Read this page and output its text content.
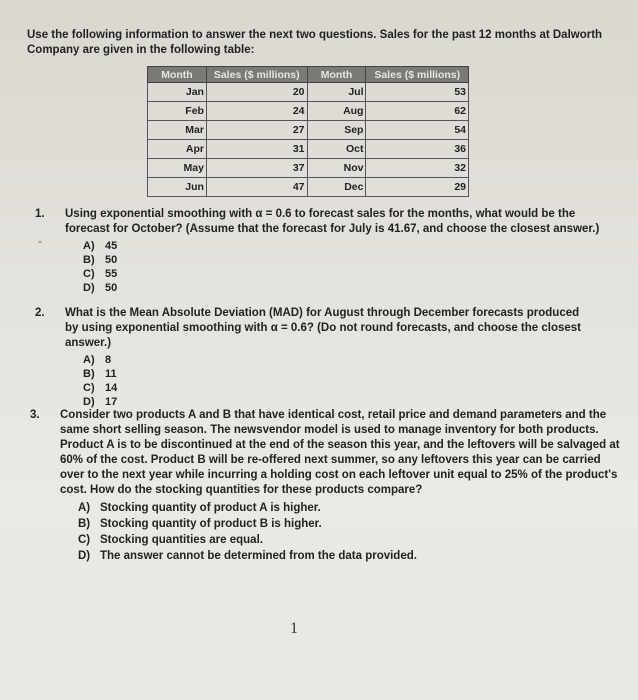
Use the following information to answer the next two questions. Sales for the past 12 months at Dalworth Company are given in the following table:
Month	Sales ($ millions)	Month	Sales ($ millions)
Jan	20	Jul	53
Feb	24	Aug	62
Mar	27	Sep	54
Apr	31	Oct	36
May	37	Nov	32
Jun	47	Dec	29
-
1. Using exponential smoothing with α = 0.6 to forecast sales for the months, what would be the forecast for October? (Assume that the forecast for July is 41.67, and choose the closest answer.)
A) 45
B) 50
C) 55
D) 50
2. What is the Mean Absolute Deviation (MAD) for August through December forecasts produced by using exponential smoothing with α = 0.6? (Do not round forecasts, and choose the closest answer.)
A) 8
B) 11
C) 14
D) 17
3. Consider two products A and B that have identical cost, retail price and demand parameters and the same short selling season. The newsvendor model is used to manage inventory for both products. Product A is to be discontinued at the end of the season this year, and the leftovers will be salvaged at 60% of the cost. Product B will be re-offered next summer, so any leftovers this year can be carried over to the next year while incurring a holding cost on each leftover unit equal to 25% of the product's cost. How do the stocking quantities for these products compare?
A) Stocking quantity of product A is higher.
B) Stocking quantity of product B is higher.
C) Stocking quantities are equal.
D) The answer cannot be determined from the data provided.
1
